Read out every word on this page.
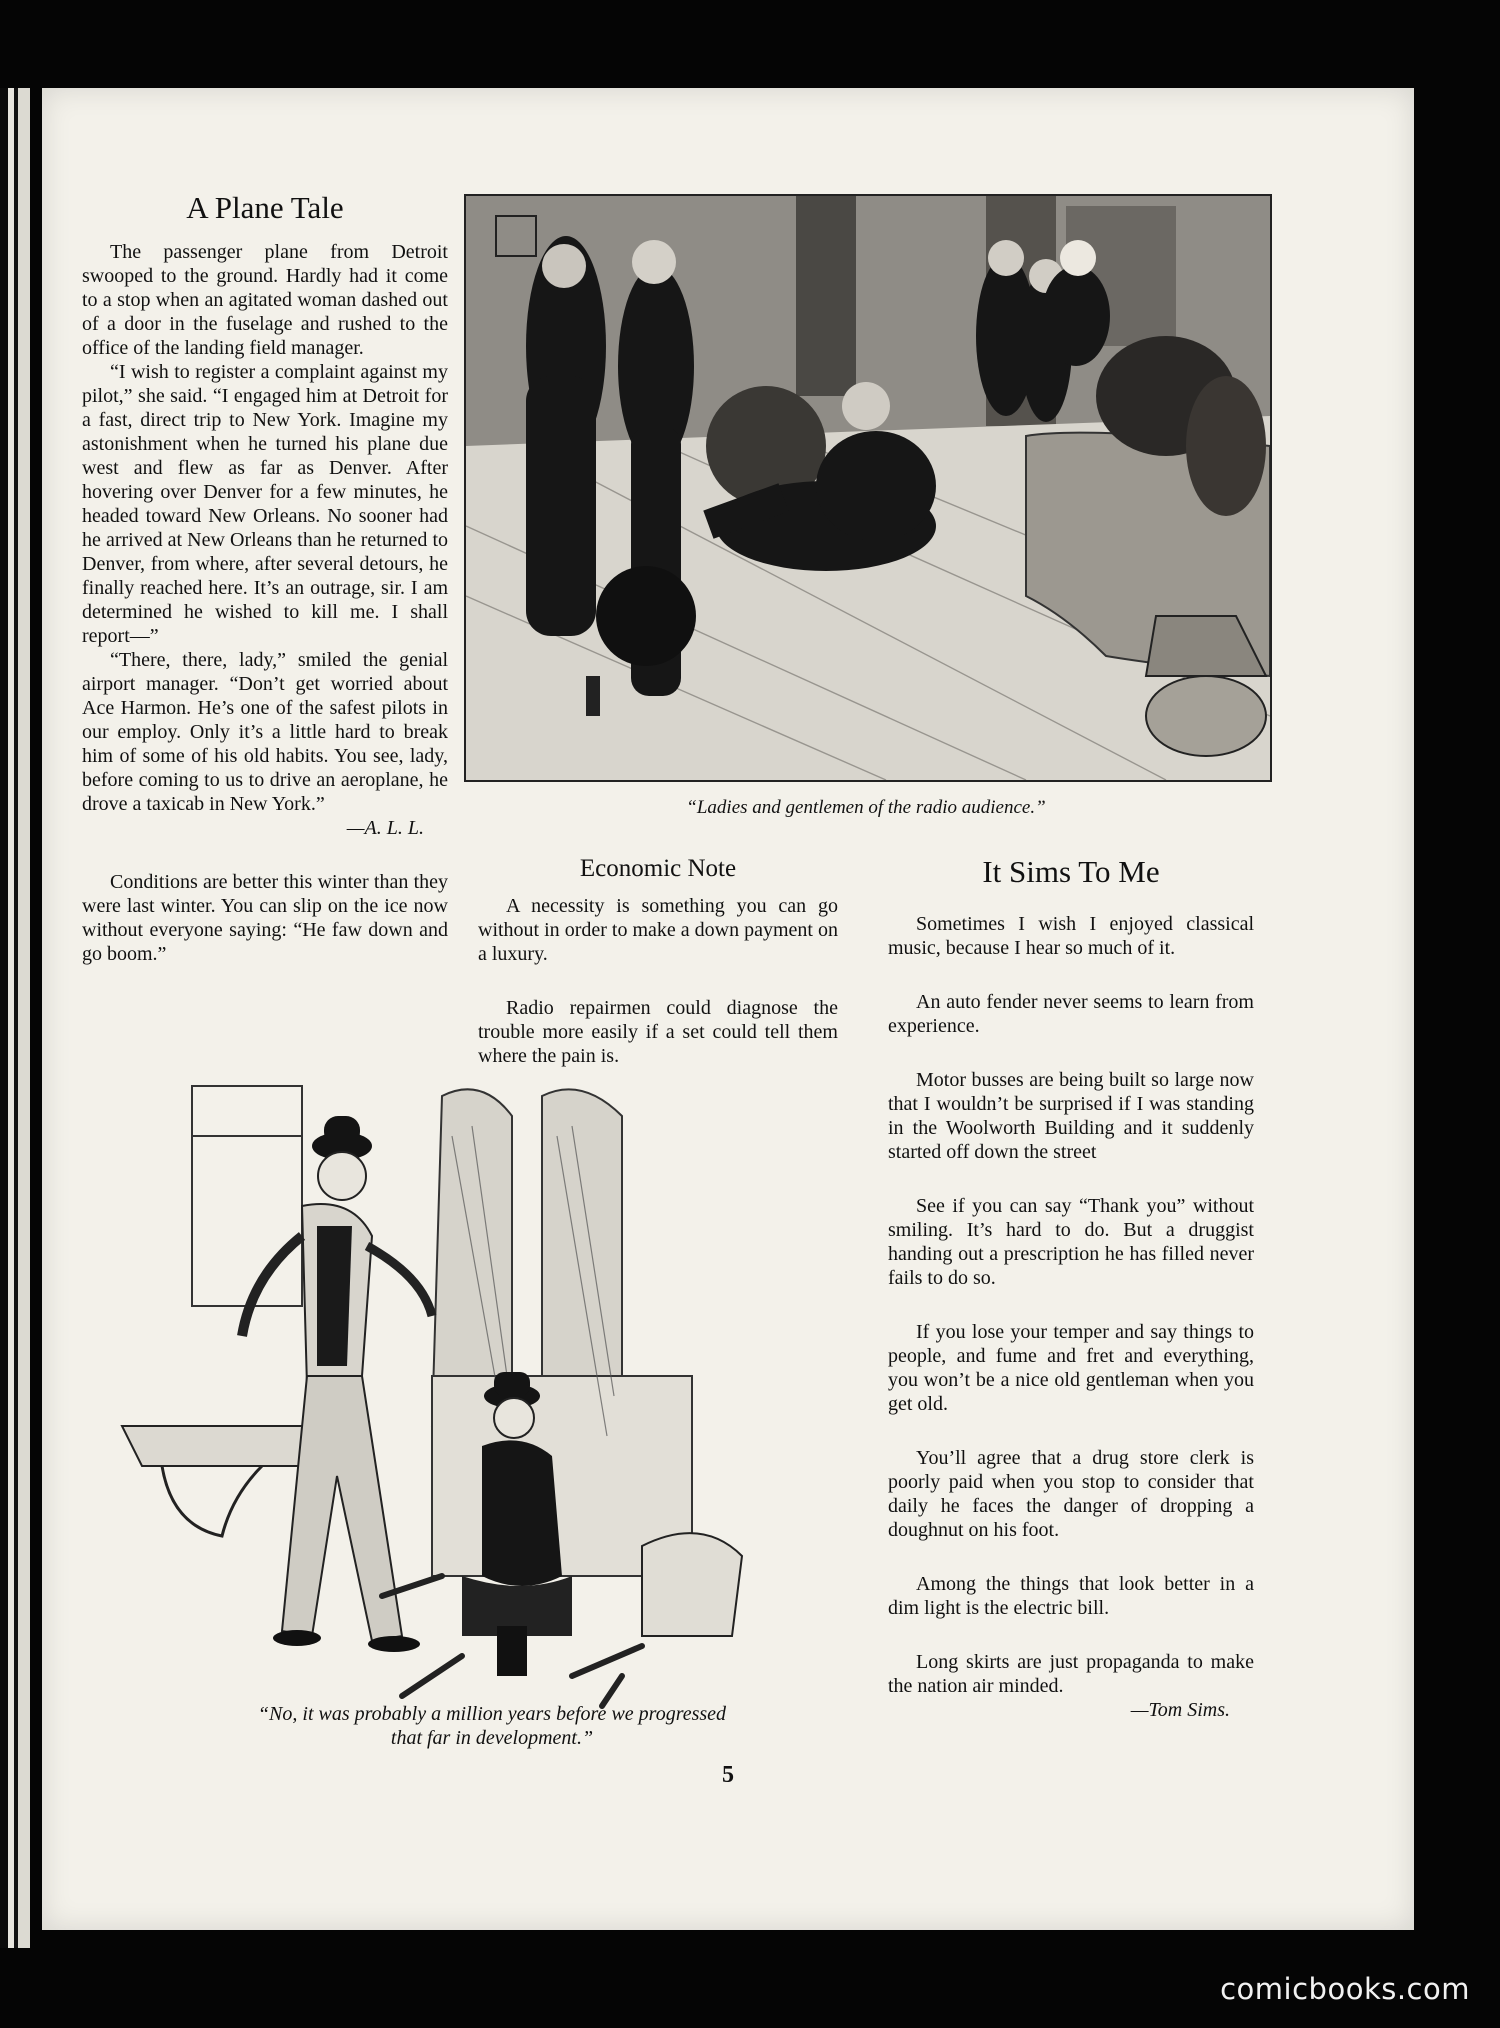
A Plane Tale

The passenger plane from Detroit swooped to the ground. Hardly had it come to a stop when an agitated woman dashed out of a door in the fuselage and rushed to the office of the landing field manager.

“I wish to register a complaint against my pilot,” she said. “I engaged him at Detroit for a fast, direct trip to New York. Imagine my astonishment when he turned his plane due west and flew as far as Denver. After hovering over Denver for a few minutes, he headed toward New Orleans. No sooner had he arrived at New Orleans than he returned to Denver, from where, after several detours, he finally reached here. It’s an outrage, sir. I am determined he wished to kill me. I shall report—”

“There, there, lady,” smiled the genial airport manager. “Don’t get worried about Ace Harmon. He’s one of the safest pilots in our employ. Only it’s a little hard to break him of some of his old habits. You see, lady, before coming to us to drive an aeroplane, he drove a taxicab in New York.”

—A. L. L.

Conditions are better this winter than they were last winter. You can slip on the ice now without everyone saying: “He faw down and go boom.”

“Ladies and gentlemen of the radio audience.”
Economic Note

A necessity is something you can go without in order to make a down payment on a luxury.

Radio repairmen could diagnose the trouble more easily if a set could tell them where the pain is.

It Sims To Me

Sometimes I wish I enjoyed classical music, because I hear so much of it.

An auto fender never seems to learn from experience.

Motor busses are being built so large now that I wouldn’t be surprised if I was standing in the Woolworth Building and it suddenly started off down the street

See if you can say “Thank you” without smiling. It’s hard to do. But a druggist handing out a prescription he has filled never fails to do so.

If you lose your temper and say things to people, and fume and fret and everything, you won’t be a nice old gentleman when you get old.

You’ll agree that a drug store clerk is poorly paid when you stop to consider that daily he faces the danger of dropping a doughnut on his foot.

Among the things that look better in a dim light is the electric bill.

Long skirts are just propaganda to make the nation air minded.

—Tom Sims.
“No, it was probably a million years before we progressed
that far in development.”
5
comicbooks.com
